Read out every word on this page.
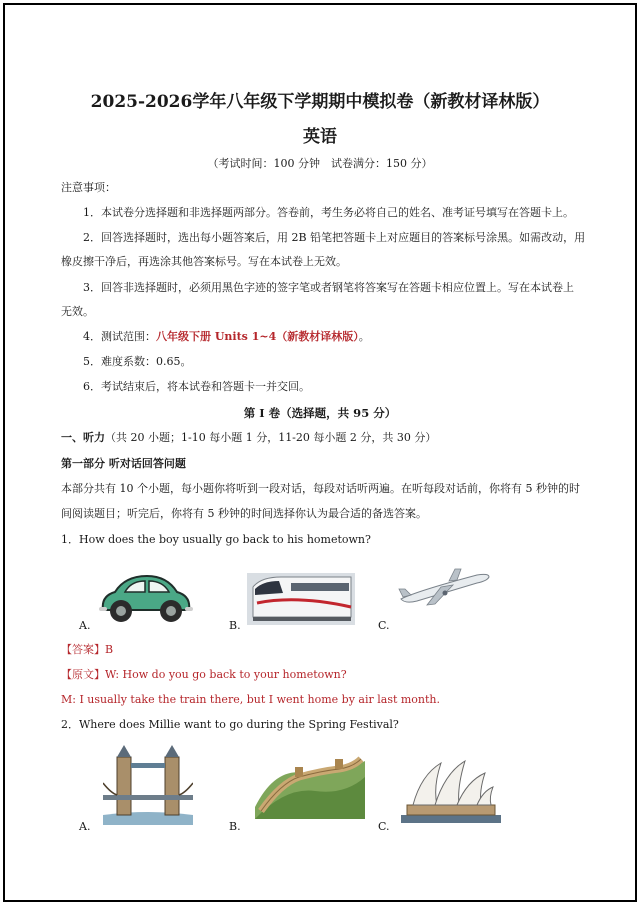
2025-2026学年八年级下学期期中模拟卷（新教材译林版）
英语
（考试时间：100 分钟　试卷满分：150 分）
注意事项：
1．本试卷分选择题和非选择题两部分。答卷前，考生务必将自己的姓名、准考证号填写在答题卡上。
2．回答选择题时，选出每小题答案后，用 2B 铅笔把答题卡上对应题目的答案标号涂黑。如需改动，用
橡皮擦干净后，再选涂其他答案标号。写在本试卷上无效。
3．回答非选择题时，必须用黑色字迹的签字笔或者钢笔将答案写在答题卡相应位置上。写在本试卷上
无效。
4．测试范围：八年级下册 Units 1~4（新教材译林版）。
5．难度系数：0.65。
6．考试结束后，将本试卷和答题卡一并交回。
第 I 卷（选择题，共 95 分）
一、听力（共 20 小题；1-10 每小题 1 分，11-20 每小题 2 分，共 30 分）
第一部分 听对话回答问题
本部分共有 10 个小题，每小题你将听到一段对话，每段对话听两遍。在听每段对话前，你将有 5 秒钟的时
间阅读题目；听完后，你将有 5 秒钟的时间选择你认为最合适的备选答案。
1．How does the boy usually go back to his hometown?
A.	B.	C.
【答案】B
【原文】W: How do you go back to your hometown?
M: I usually take the train there, but I went home by air last month.
2．Where does Millie want to go during the Spring Festival?
A.	B.	C.
